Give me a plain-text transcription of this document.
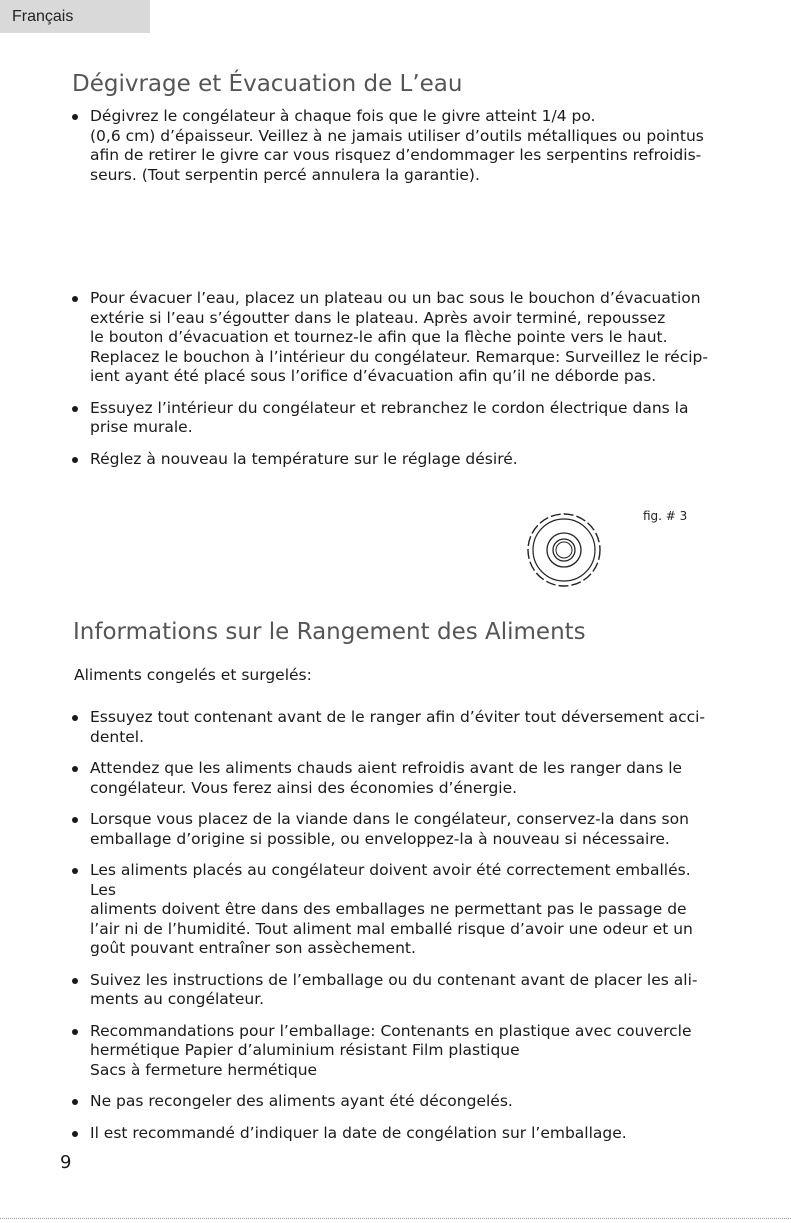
Français
Dégivrage et Évacuation de L’eau
Dégivrez le congélateur à chaque fois que le givre atteint 1/4 po.
(0,6 cm) d’épaisseur. Veillez à ne jamais utiliser d’outils métalliques ou pointus
afin de retirer le givre car vous risquez d’endommager les serpentins refroidis-
seurs. (Tout serpentin percé annulera la garantie).
Pour évacuer l’eau, placez un plateau ou un bac sous le bouchon d’évacuation
extérie si l’eau s’égoutter dans le plateau. Après avoir terminé, repoussez
le bouton d’évacuation et tournez-le afin que la flèche pointe vers le haut.
Replacez le bouchon à l’intérieur du congélateur. Remarque: Surveillez le récip-
ient ayant été placé sous l’orifice d’évacuation afin qu’il ne déborde pas.
Essuyez l’intérieur du congélateur et rebranchez le cordon électrique dans la
prise murale.
Réglez à nouveau la température sur le réglage désiré.
fig. # 3
Informations sur le Rangement des Aliments

Aliments congelés et surgelés:

Essuyez tout contenant avant de le ranger afin d’éviter tout déversement acci-
dentel.
Attendez que les aliments chauds aient refroidis avant de les ranger dans le
congélateur. Vous ferez ainsi des économies d’énergie.
Lorsque vous placez de la viande dans le congélateur, conservez-la dans son
emballage d’origine si possible, ou enveloppez-la à nouveau si nécessaire.
Les aliments placés au congélateur doivent avoir été correctement emballés. Les
aliments doivent être dans des emballages ne permettant pas le passage de
l’air ni de l’humidité. Tout aliment mal emballé risque d’avoir une odeur et un
goût pouvant entraîner son assèchement.
Suivez les instructions de l’emballage ou du contenant avant de placer les ali-
ments au congélateur.
Recommandations pour l’emballage: Contenants en plastique avec couvercle
hermétique Papier d’aluminium résistant Film plastique
Sacs à fermeture hermétique
Ne pas recongeler des aliments ayant été décongelés.
Il est recommandé d’indiquer la date de congélation sur l’emballage.
9
